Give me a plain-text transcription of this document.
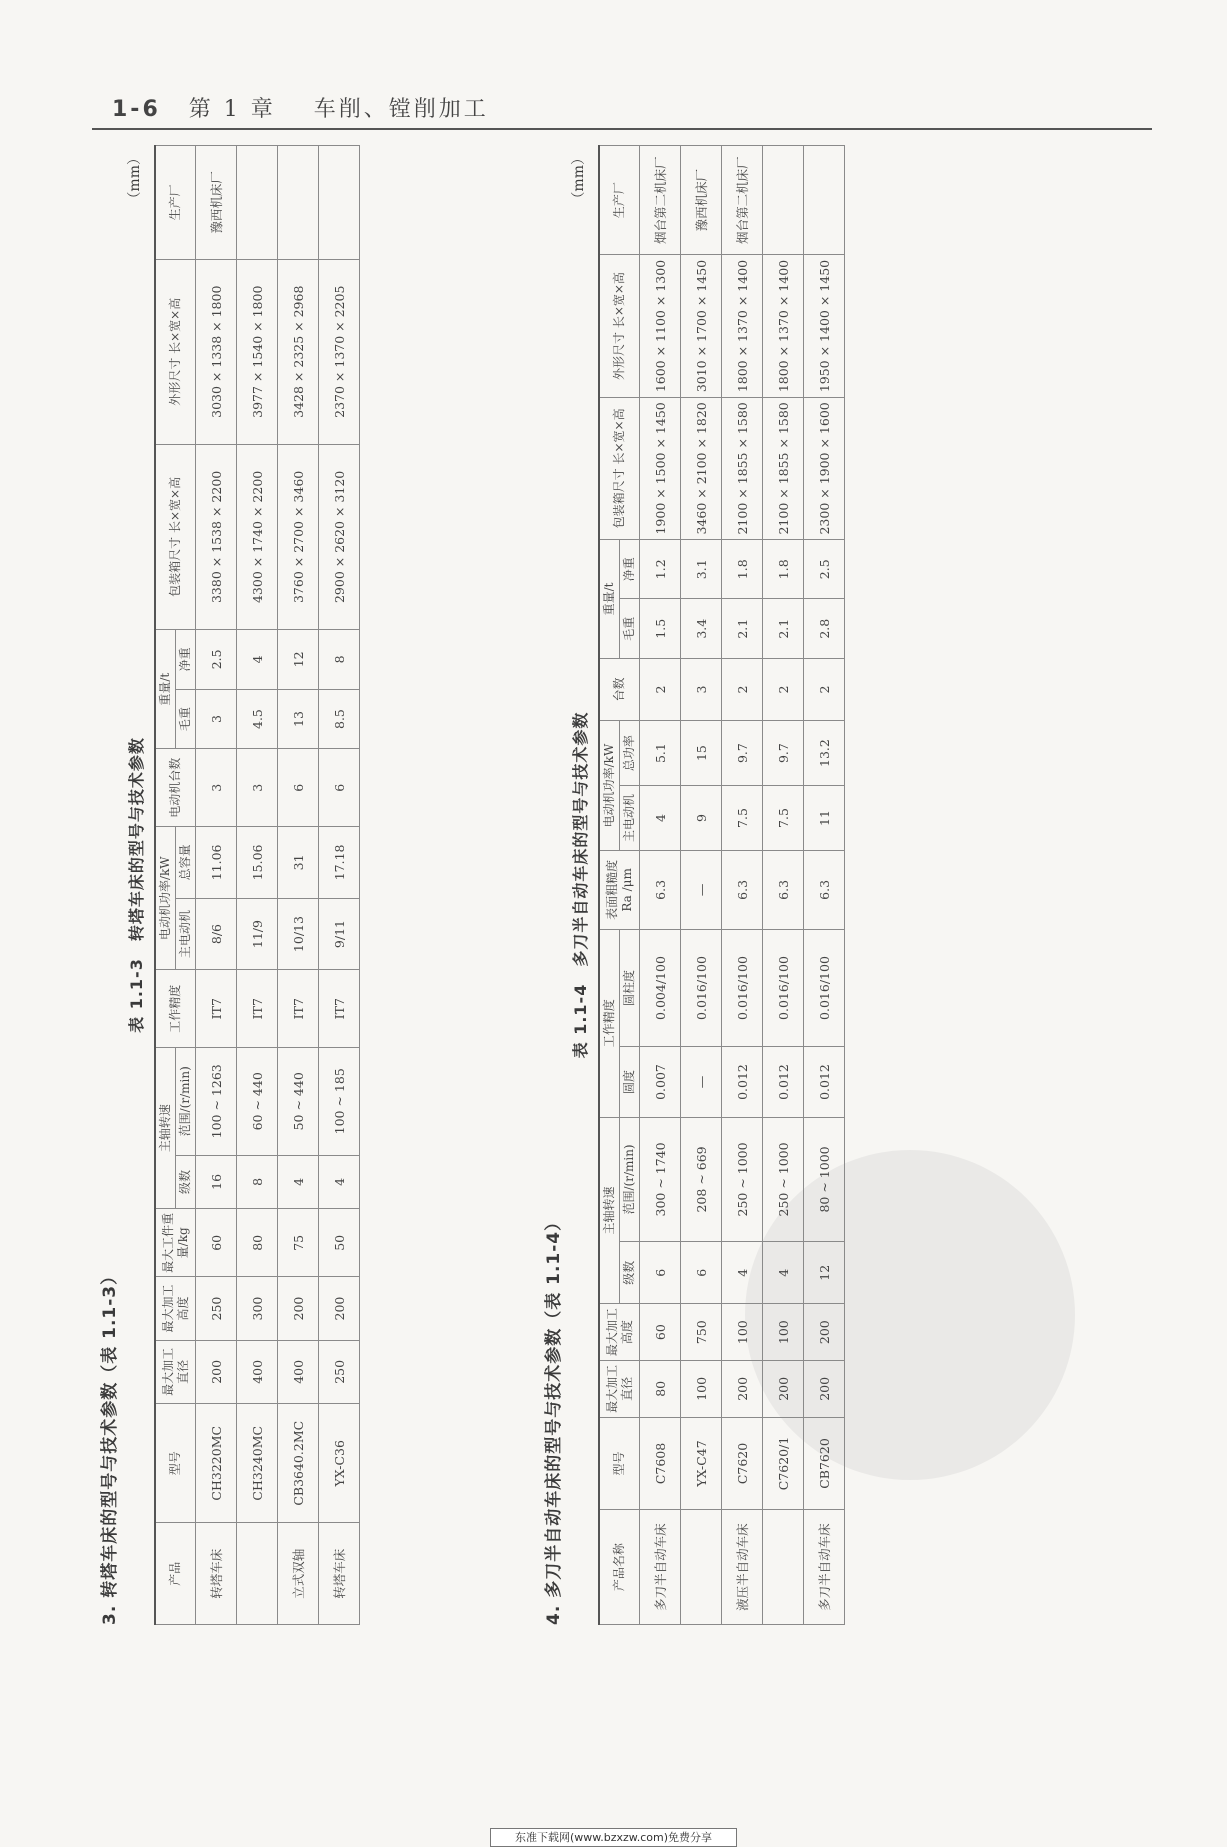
1-6 第 1 章 车削、镗削加工
3. 转塔车床的型号与技术参数（表 1.1-3）
表 1.1-3　转塔车床的型号与技术参数
（mm）
产品	型号	最大加工直径	最大加工高度	最大工件重量/kg	主轴转速		工作精度	电动机功率/kW		电动机台数	重量/t		包装箱尺寸 长×宽×高	外形尺寸 长×宽×高	生产厂
					级数	范围/(r/min)		主电动机	总容量		毛重	净重			
转塔车床	CH3220MC	200	250	60	16	100 ~ 1263	IT7	8/6	11.06	3	3	2.5	3380 × 1538 × 2200	3030 × 1338 × 1800	豫西机床厂
	CH3240MC	400	300	80	8	60 ~ 440	IT7	11/9	15.06	3	4.5	4	4300 × 1740 × 2200	3977 × 1540 × 1800	
立式双轴	CB3640.2MC	400	200	75	4	50 ~ 440	IT7	10/13	31	6	13	12	3760 × 2700 × 3460	3428 × 2325 × 2968	
转塔车床	YX-C36	250	200	50	4	100 ~ 185	IT7	9/11	17.18	6	8.5	8	2900 × 2620 × 3120	2370 × 1370 × 2205	
4. 多刀半自动车床的型号与技术参数（表 1.1-4）
表 1.1-4　多刀半自动车床的型号与技术参数
（mm）
产品名称	型号	最大加工直径	最大加工高度	主轴转速		工作精度		表面粗糙度 Ra /μm	电动机功率/kW		台数	重量/t		包装箱尺寸 长×宽×高	外形尺寸 长×宽×高	生产厂
				级数	范围/(r/min)	圆度	圆柱度		主电动机	总功率		毛重	净重			
多刀半自动车床	C7608	80	60	6	300 ~ 1740	0.007	0.004/100	6.3	4	5.1	2	1.5	1.2	1900 × 1500 × 1450	1600 × 1100 × 1300	烟台第二机床厂
	YX-C47	100	750	6	208 ~ 669	—	0.016/100	—	9	15	3	3.4	3.1	3460 × 2100 × 1820	3010 × 1700 × 1450	豫西机床厂
液压半自动车床	C7620	200	100	4	250 ~ 1000	0.012	0.016/100	6.3	7.5	9.7	2	2.1	1.8	2100 × 1855 × 1580	1800 × 1370 × 1400	烟台第二机床厂
	C7620/1	200	100	4	250 ~ 1000	0.012	0.016/100	6.3	7.5	9.7	2	2.1	1.8	2100 × 1855 × 1580	1800 × 1370 × 1400	
多刀半自动车床	CB7620	200	200	12	80 ~ 1000	0.012	0.016/100	6.3	11	13.2	2	2.8	2.5	2300 × 1900 × 1600	1950 × 1400 × 1450	
东准下载网(www.bzxzw.com)免费分享
